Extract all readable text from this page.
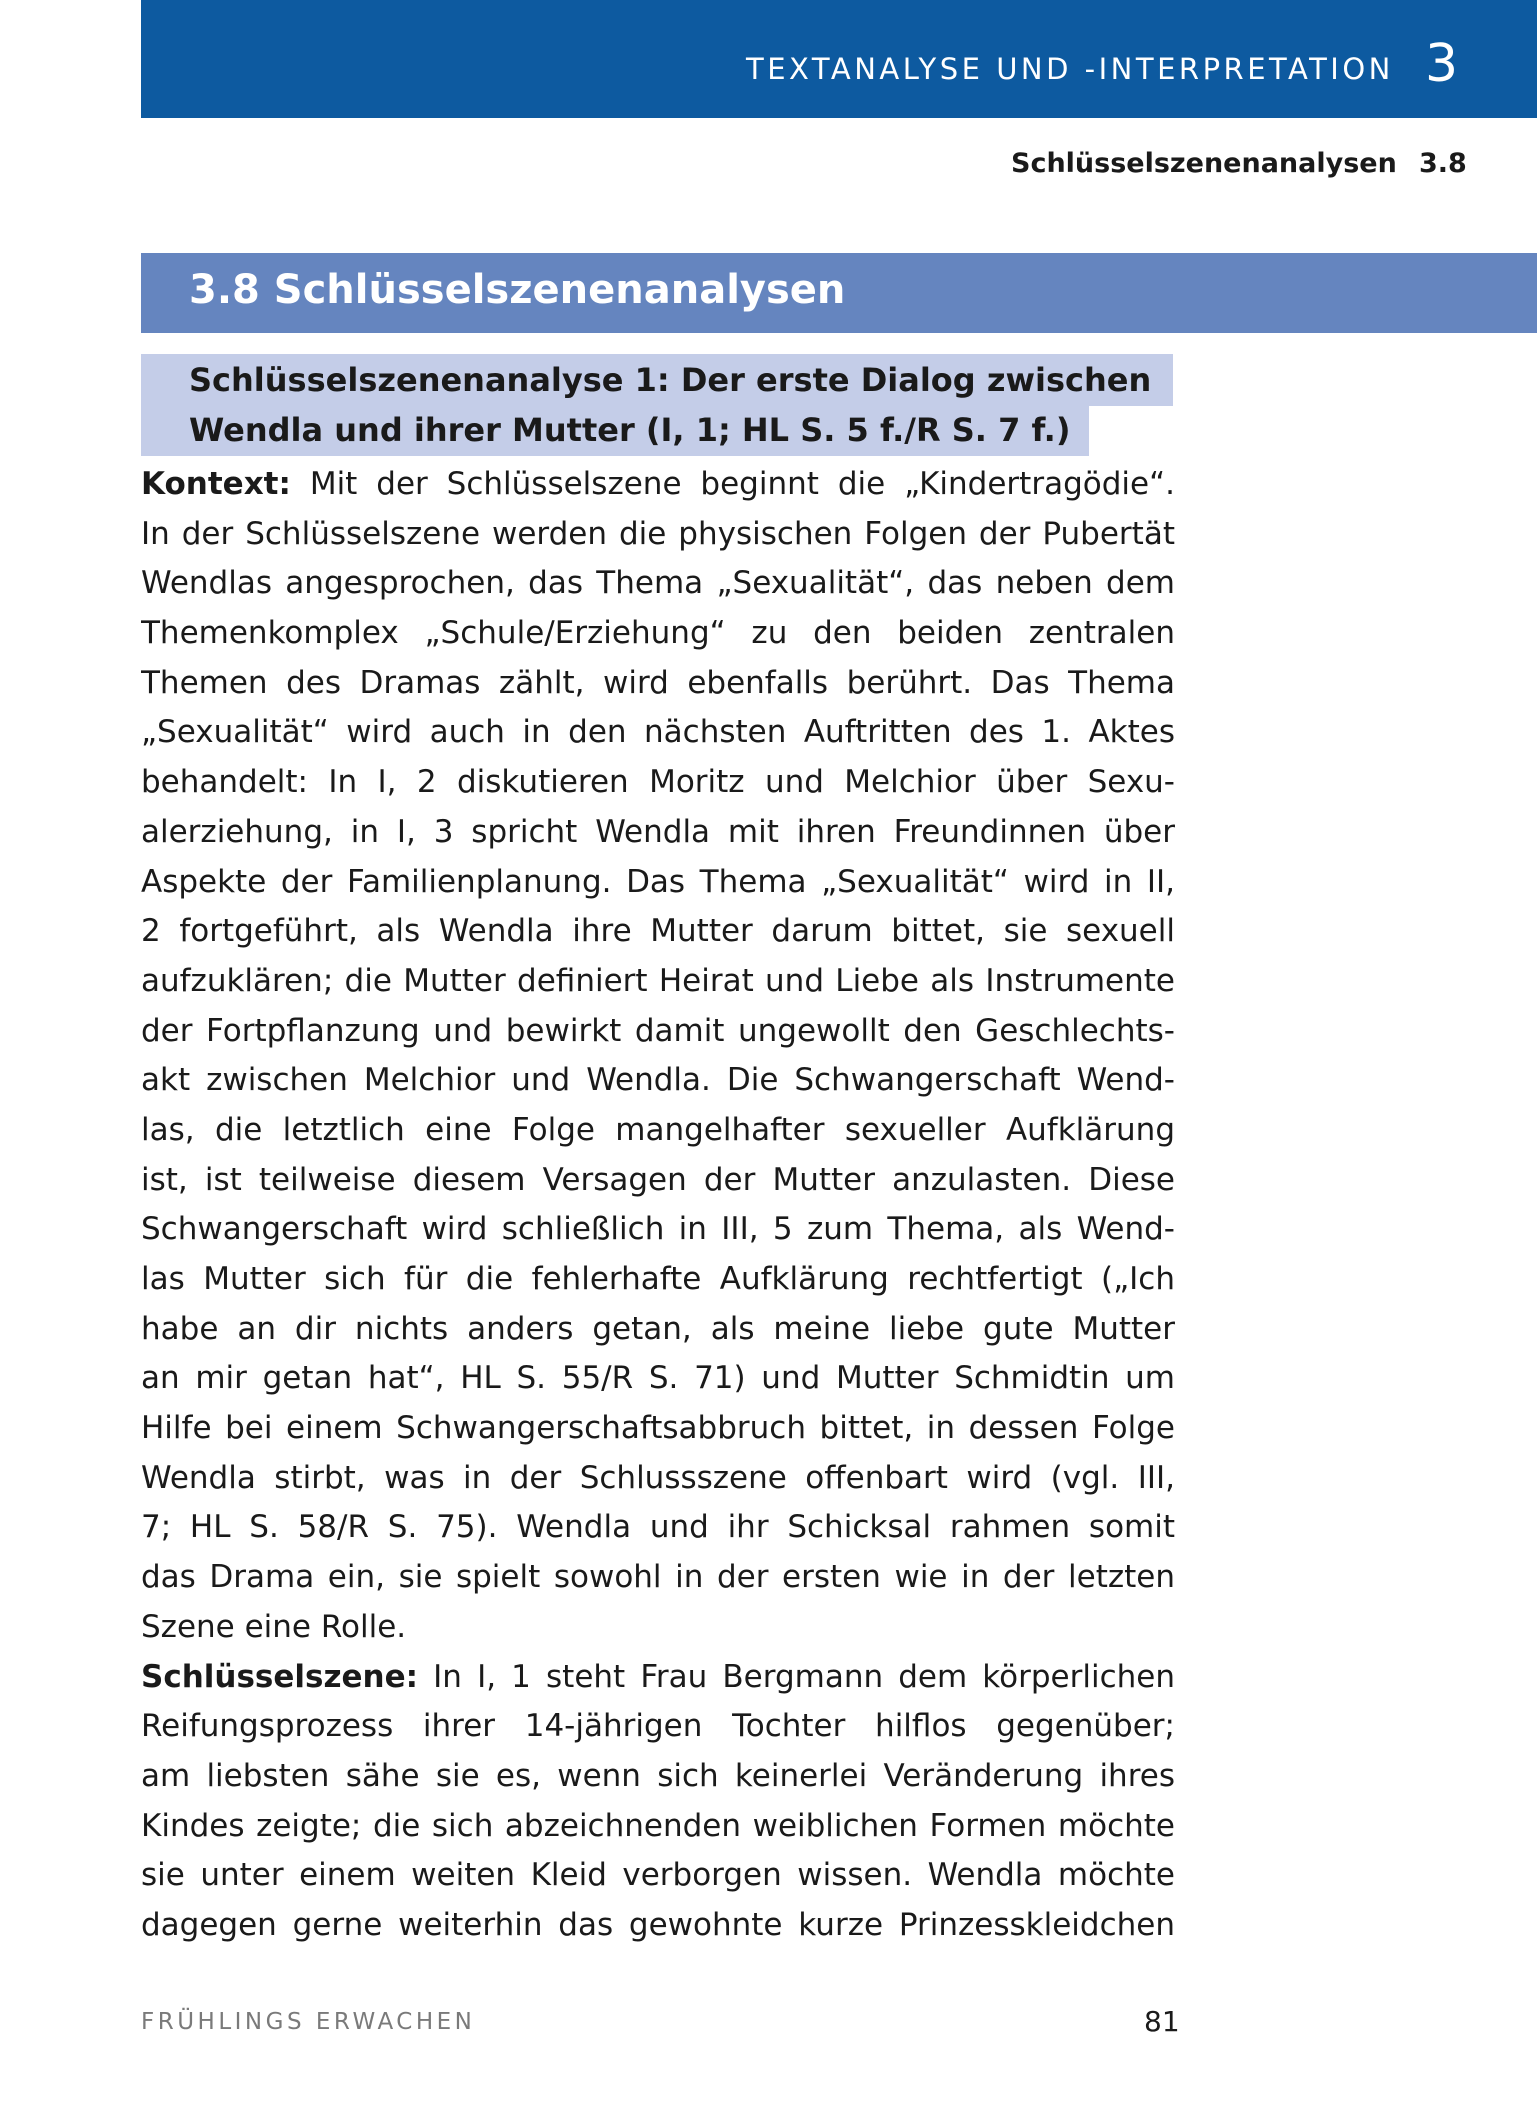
TEXTANALYSE UND -INTERPRETATION 3
Schlüsselszenenanalysen 3.8
3.8 Schlüsselszenenanalysen
Schlüsselszenenanalyse 1: Der erste Dialog zwischen
Wendla und ihrer Mutter (I, 1; HL S. 5 f./R S. 7 f.)
Kontext: Mit der Schlüsselszene beginnt die „Kindertragödie“.
In der Schlüsselszene werden die physischen Folgen der Pubertät
Wendlas angesprochen, das Thema „Sexualität“, das neben dem
Themenkomplex „Schule/Erziehung“ zu den beiden zentralen
Themen des Dramas zählt, wird ebenfalls berührt. Das Thema
„Sexualität“ wird auch in den nächsten Auftritten des 1. Aktes
behandelt: In I, 2 diskutieren Moritz und Melchior über Sexu-
alerziehung, in I, 3 spricht Wendla mit ihren Freundinnen über
Aspekte der Familienplanung. Das Thema „Sexualität“ wird in II,
2 fortgeführt, als Wendla ihre Mutter darum bittet, sie sexuell
aufzuklären; die Mutter definiert Heirat und Liebe als Instrumente
der Fortpflanzung und bewirkt damit ungewollt den Geschlechts-
akt zwischen Melchior und Wendla. Die Schwangerschaft Wend-
las, die letztlich eine Folge mangelhafter sexueller Aufklärung
ist, ist teilweise diesem Versagen der Mutter anzulasten. Diese
Schwangerschaft wird schließlich in III, 5 zum Thema, als Wend-
las Mutter sich für die fehlerhafte Aufklärung rechtfertigt („Ich
habe an dir nichts anders getan, als meine liebe gute Mutter
an mir getan hat“, HL S. 55/R S. 71) und Mutter Schmidtin um
Hilfe bei einem Schwangerschaftsabbruch bittet, in dessen Folge
Wendla stirbt, was in der Schlussszene offenbart wird (vgl. III,
7; HL S. 58/R S. 75). Wendla und ihr Schicksal rahmen somit
das Drama ein, sie spielt sowohl in der ersten wie in der letzten
Szene eine Rolle.
Schlüsselszene: In I, 1 steht Frau Bergmann dem körperlichen
Reifungsprozess ihrer 14-jährigen Tochter hilflos gegenüber;
am liebsten sähe sie es, wenn sich keinerlei Veränderung ihres
Kindes zeigte; die sich abzeichnenden weiblichen Formen möchte
sie unter einem weiten Kleid verborgen wissen. Wendla möchte
dagegen gerne weiterhin das gewohnte kurze Prinzesskleidchen
FRÜHLINGS ERWACHEN	81
